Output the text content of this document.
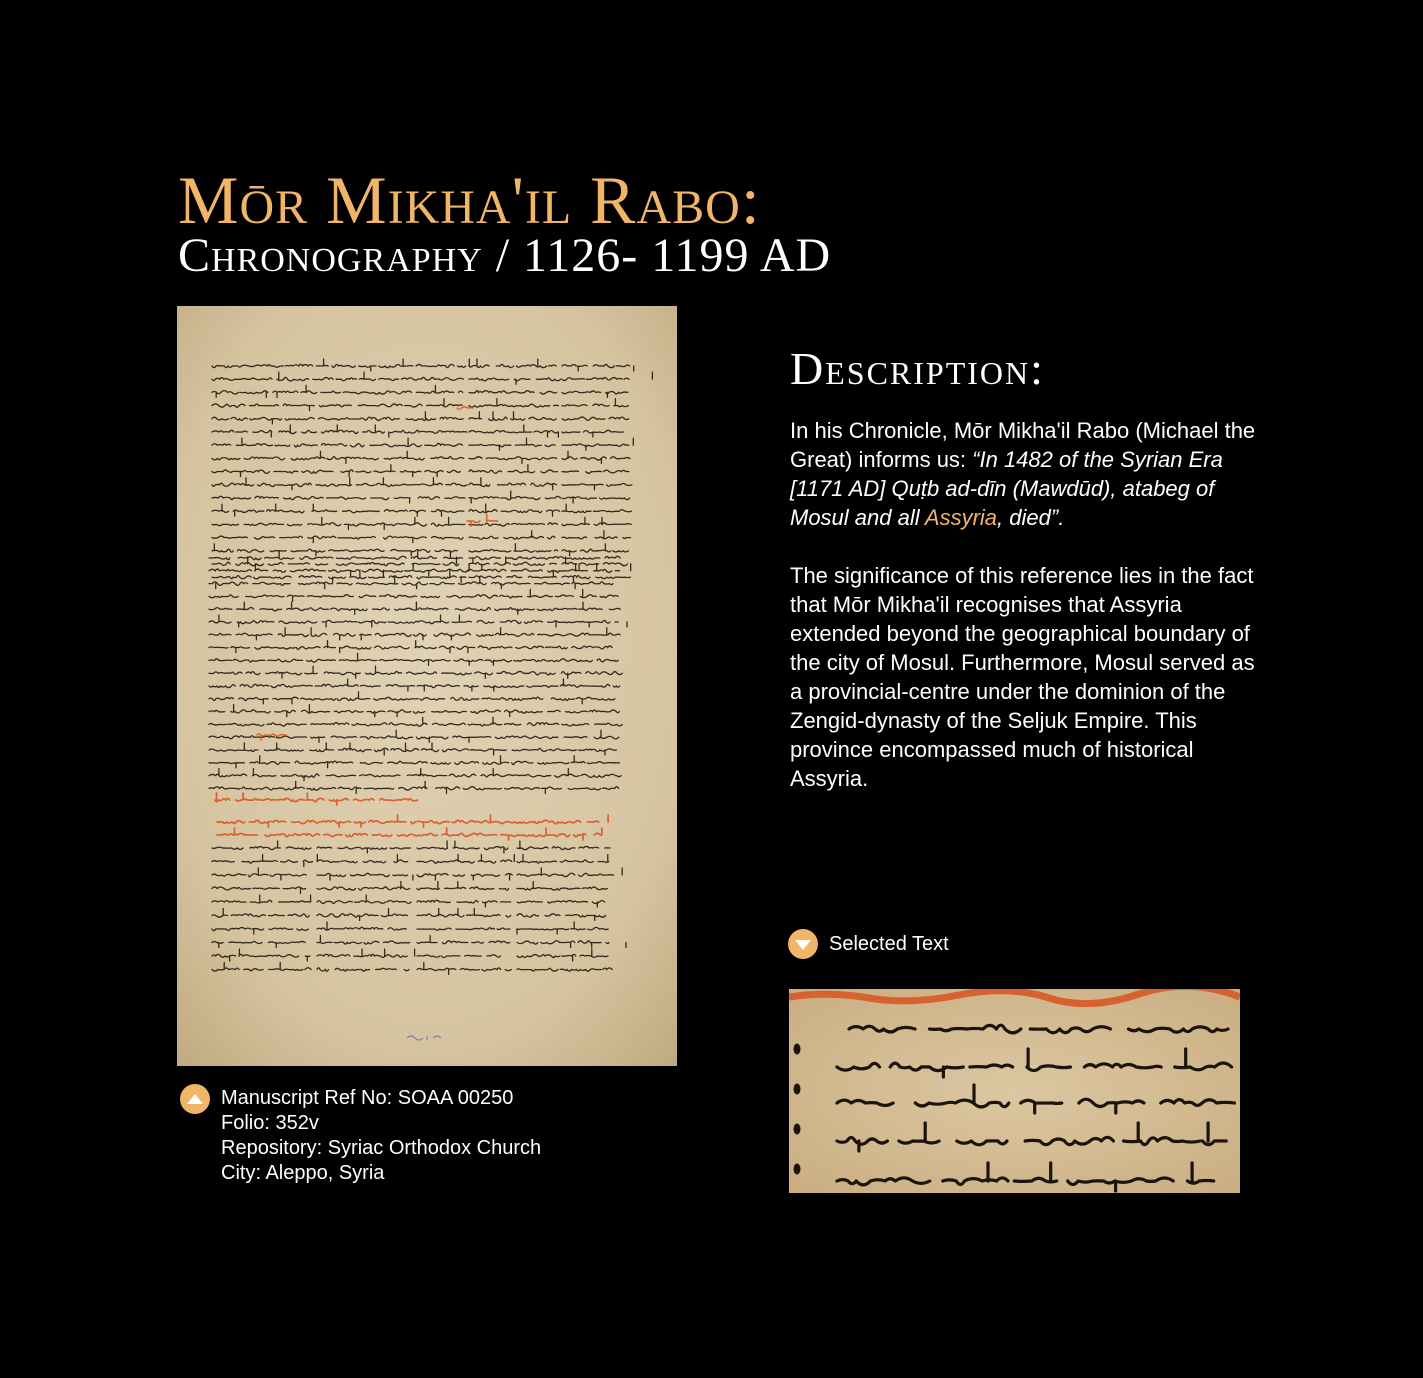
Mōr Mikha'il Rabo:
Chronography / 1126- 1199 AD
Manuscript Ref No: SOAA 00250
Folio: 352v
Repository: Syriac Orthodox Church
City: Aleppo, Syria
Description:

In his Chronicle, Mōr Mikha'il Rabo (Michael the Great) informs us: “In 1482 of the Syrian Era [1171 AD] Quṭb ad-dīn (Mawdūd), atabeg of Mosul and all Assyria, died”.

The significance of this reference lies in the fact that Mōr Mikha'il recognises that Assyria extended beyond the geographical boundary of the city of Mosul. Furthermore, Mosul served as a provincial-centre under the dominion of the Zengid-dynasty of the Seljuk Empire. This province encompassed much of historical Assyria.

Selected Text
